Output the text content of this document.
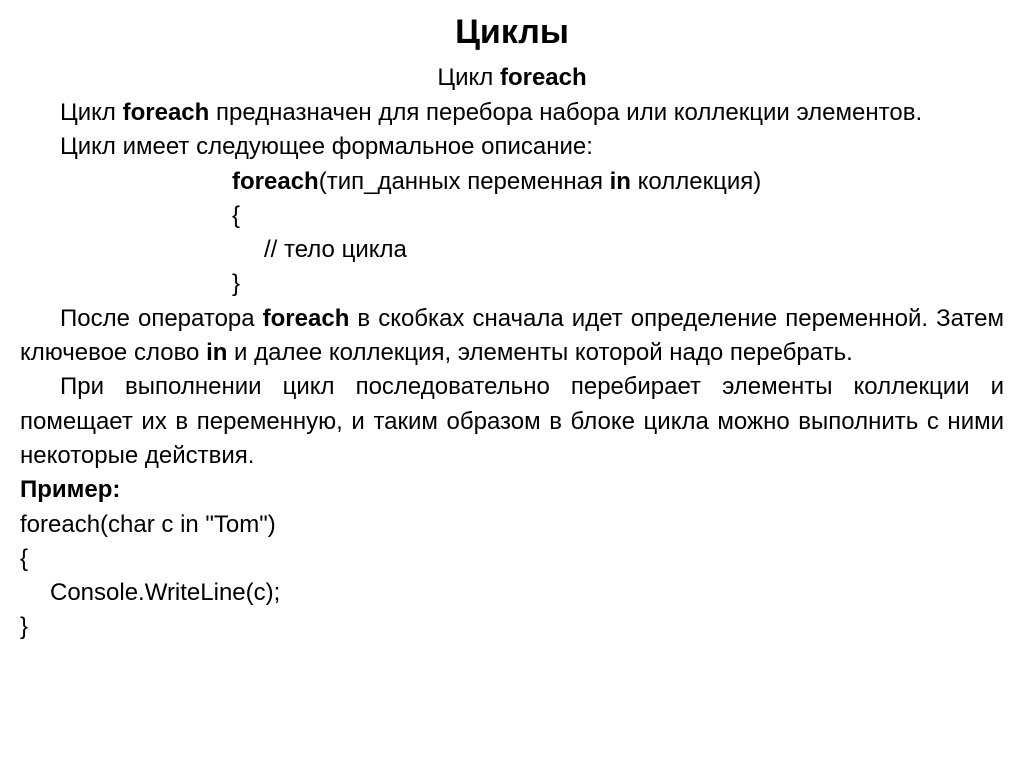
Циклы
Цикл foreach

Цикл foreach предназначен для перебора набора или коллекции элементов.

Цикл имеет следующее формальное описание:

foreach(тип_данных переменная in коллекция)

{

// тело цикла

}

После оператора foreach в скобках сначала идет определение переменной. Затем ключевое слово in и далее коллекция, элементы которой надо перебрать.

При выполнении цикл последовательно перебирает элементы коллекции и помещает их в переменную, и таким образом в блоке цикла можно выполнить с ними некоторые действия.

Пример:

foreach(char c in "Tom")

{

Console.WriteLine(c);

}
